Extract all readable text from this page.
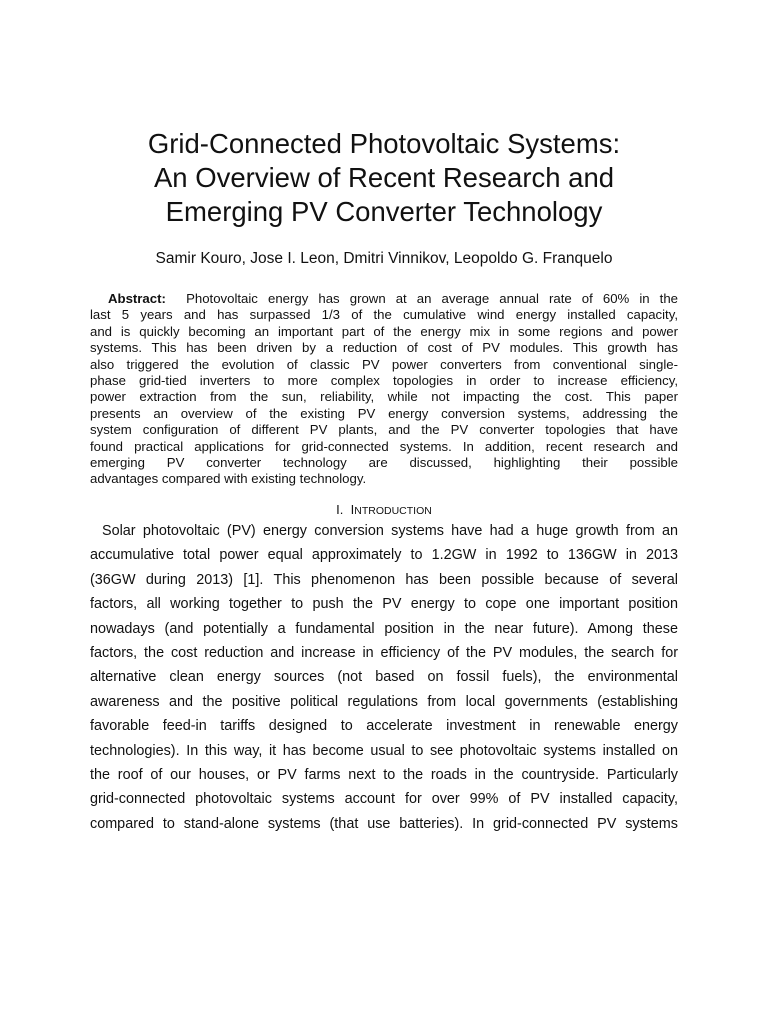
Grid-Connected Photovoltaic Systems:
An Overview of Recent Research and
Emerging PV Converter Technology
Samir Kouro, Jose I. Leon, Dmitri Vinnikov, Leopoldo G. Franquelo
Abstract: Photovoltaic energy has grown at an average annual rate of 60% in the
last 5 years and has surpassed 1/3 of the cumulative wind energy installed capacity,
and is quickly becoming an important part of the energy mix in some regions and power
systems. This has been driven by a reduction of cost of PV modules. This growth has
also triggered the evolution of classic PV power converters from conventional single-
phase grid-tied inverters to more complex topologies in order to increase efficiency,
power extraction from the sun, reliability, while not impacting the cost. This paper
presents an overview of the existing PV energy conversion systems, addressing the
system configuration of different PV plants, and the PV converter topologies that have
found practical applications for grid-connected systems. In addition, recent research and
emerging PV converter technology are discussed, highlighting their possible
advantages compared with existing technology.
I. INTRODUCTION
Solar photovoltaic (PV) energy conversion systems have had a huge growth from an
accumulative total power equal approximately to 1.2GW in 1992 to 136GW in 2013
(36GW during 2013) [1]. This phenomenon has been possible because of several
factors, all working together to push the PV energy to cope one important position
nowadays (and potentially a fundamental position in the near future). Among these
factors, the cost reduction and increase in efficiency of the PV modules, the search for
alternative clean energy sources (not based on fossil fuels), the environmental
awareness and the positive political regulations from local governments (establishing
favorable feed-in tariffs designed to accelerate investment in renewable energy
technologies). In this way, it has become usual to see photovoltaic systems installed on
the roof of our houses, or PV farms next to the roads in the countryside. Particularly
grid-connected photovoltaic systems account for over 99% of PV installed capacity,
compared to stand-alone systems (that use batteries). In grid-connected PV systems
